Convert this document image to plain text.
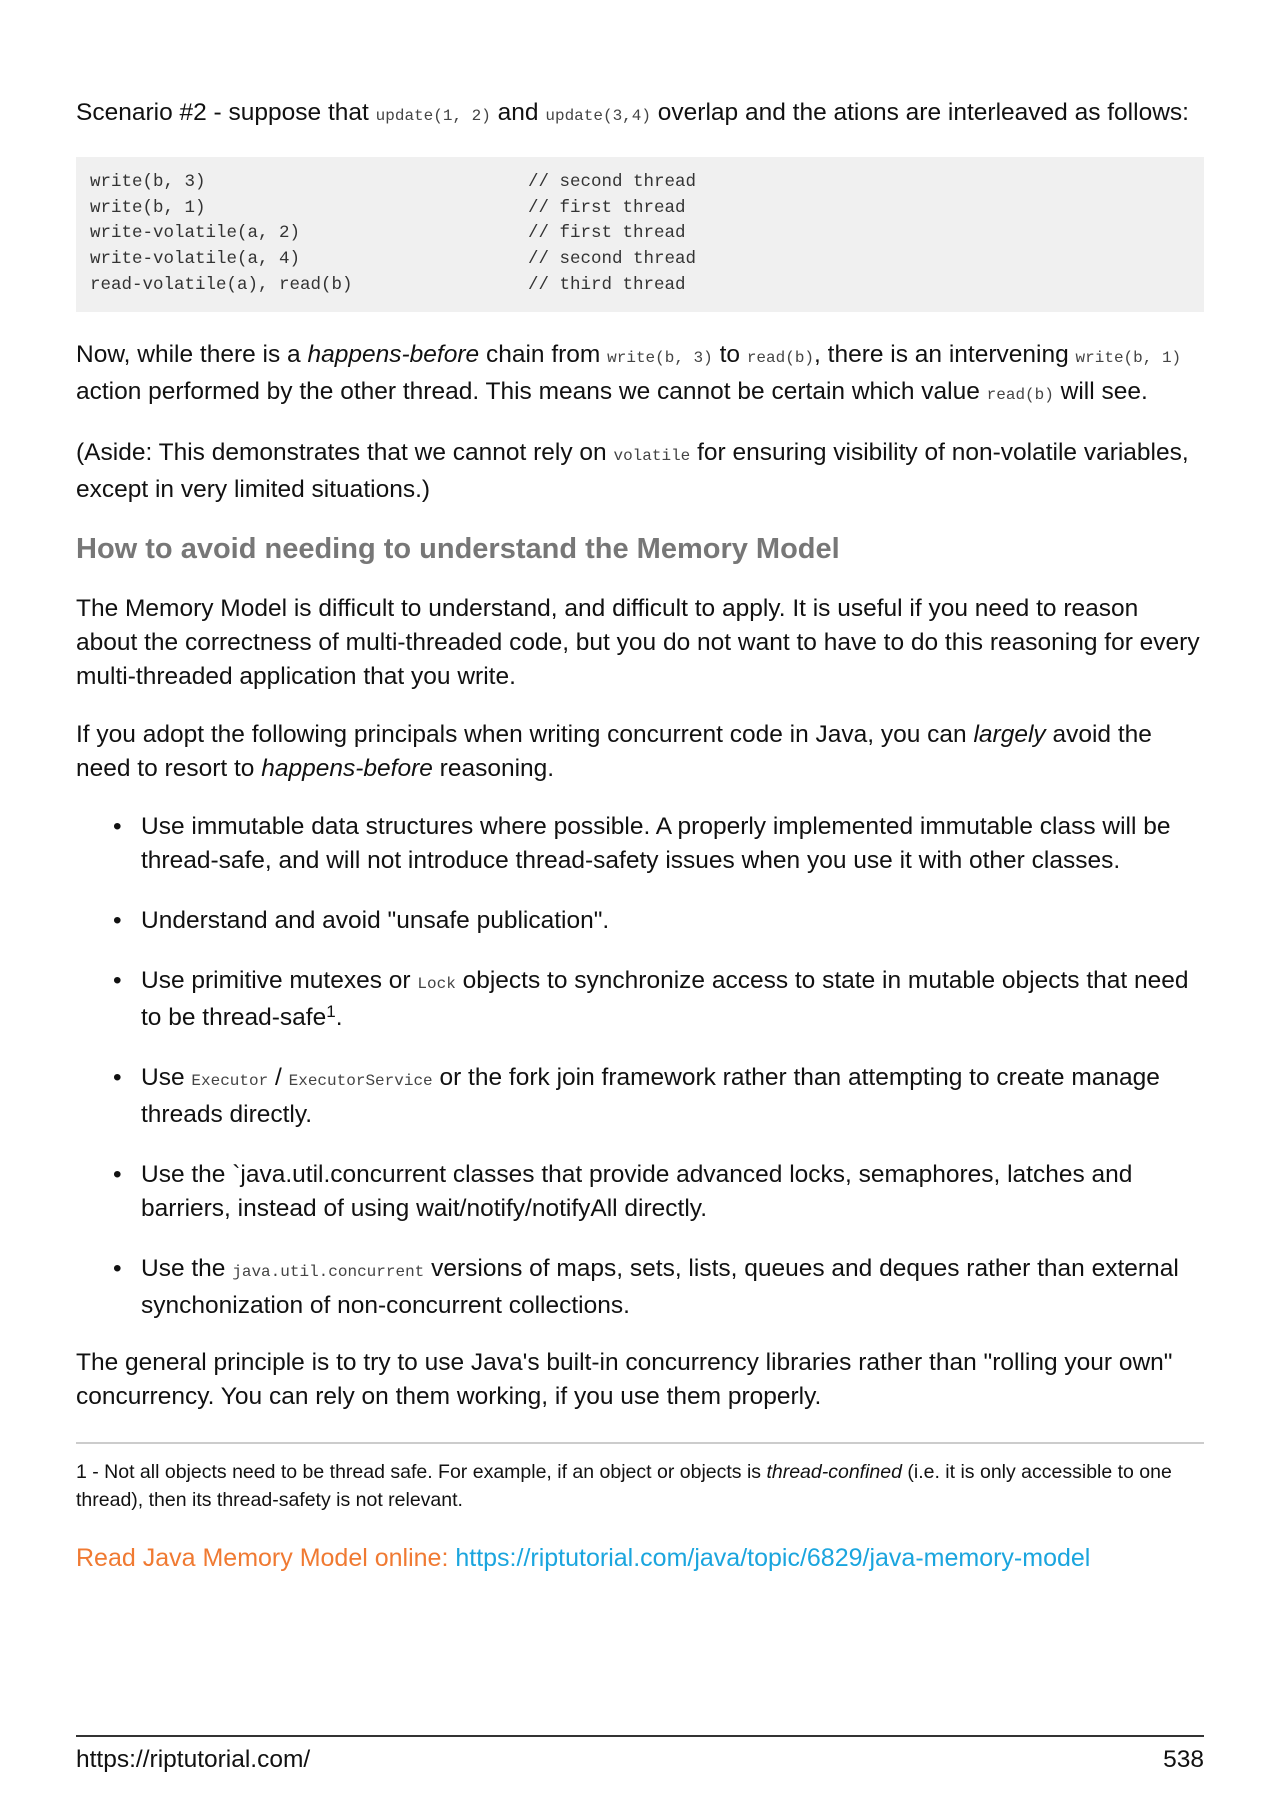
Scenario #2 - suppose that update(1, 2) and update(3,4) overlap and the ations are interleaved as follows:

write(b, 3)	// second thread
write(b, 1)	// first thread
write-volatile(a, 2)	// first thread
write-volatile(a, 4)	// second thread
read-volatile(a), read(b)	// third thread

Now, while there is a happens-before chain from write(b, 3) to read(b), there is an intervening write(b, 1) action performed by the other thread. This means we cannot be certain which value read(b) will see.

(Aside: This demonstrates that we cannot rely on volatile for ensuring visibility of non-volatile variables, except in very limited situations.)

How to avoid needing to understand the Memory Model

The Memory Model is difficult to understand, and difficult to apply. It is useful if you need to reason about the correctness of multi-threaded code, but you do not want to have to do this reasoning for every multi-threaded application that you write.

If you adopt the following principals when writing concurrent code in Java, you can largely avoid the need to resort to happens-before reasoning.

• Use immutable data structures where possible. A properly implemented immutable class will be thread-safe, and will not introduce thread-safety issues when you use it with other classes.
• Understand and avoid "unsafe publication".
• Use primitive mutexes or Lock objects to synchronize access to state in mutable objects that need to be thread-safe$^1$.
• Use Executor / ExecutorService or the fork join framework rather than attempting to create manage threads directly.
• Use the `java.util.concurrent classes that provide advanced locks, semaphores, latches and barriers, instead of using wait/notify/notifyAll directly.
• Use the java.util.concurrent versions of maps, sets, lists, queues and deques rather than external synchonization of non-concurrent collections.

The general principle is to try to use Java's built-in concurrency libraries rather than "rolling your own" concurrency. You can rely on them working, if you use them properly.

1 - Not all objects need to be thread safe. For example, if an object or objects is thread-confined (i.e. it is only accessible to one thread), then its thread-safety is not relevant.

Read Java Memory Model online: https://riptutorial.com/java/topic/6829/java-memory-model

https://riptutorial.com/	538
